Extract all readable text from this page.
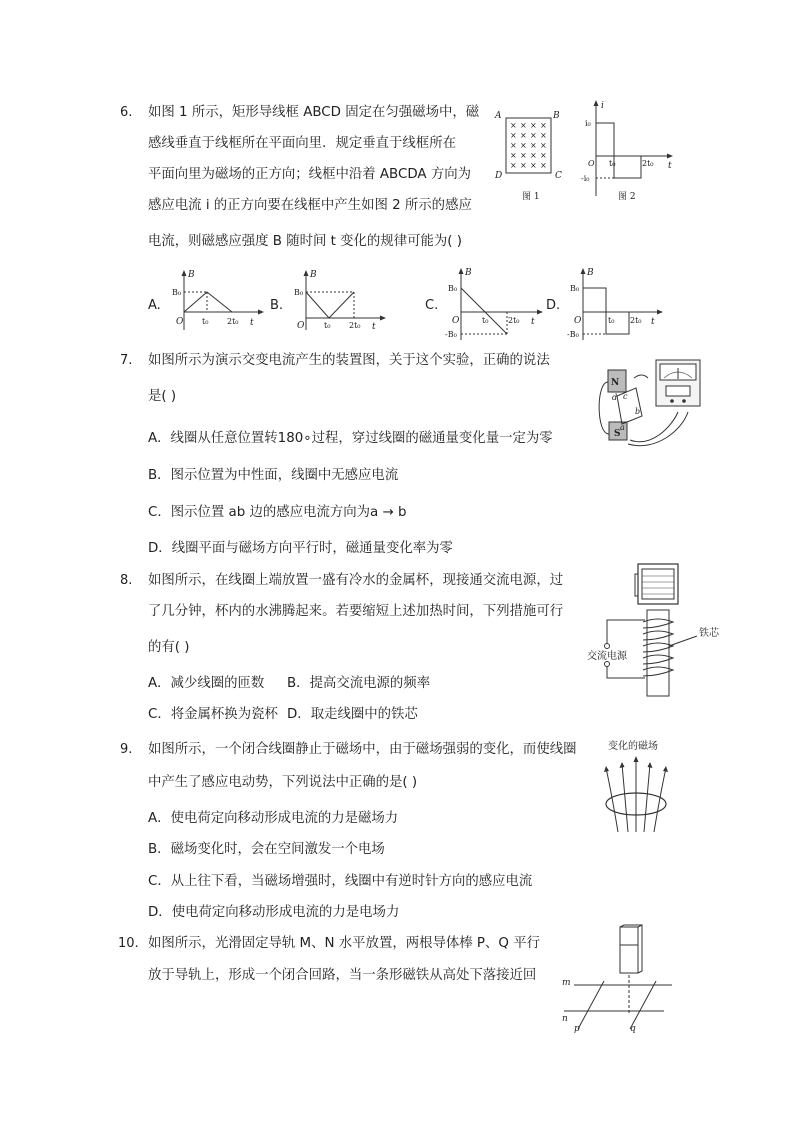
6. 如图 1 所示，矩形导线框 ABCD 固定在匀强磁场中，磁
感线垂直于线框所在平面向里．规定垂直于线框所在
平面向里为磁场的正方向；线框中沿着 ABCDA 方向为
感应电流 i 的正方向要在线框中产生如图 2 所示的感应
电流，则磁感应强度 B 随时间 t 变化的规律可能为( )
A	B
D	C
× × × ×
× × × ×
× × × ×
× × × ×
× × × ×
图 1
i
t
i₀
-i₀
O t₀	2t₀
图 2
A.
B
B₀
O t₀ 2t₀ t
B.
B
B₀
O t₀ 2t₀ t
C.
B
B₀
-B₀
O	t₀ 2t₀ t
D.
B
B₀
-B₀
O	t₀ 2t₀ t
7. 如图所示为演示交变电流产生的装置图，关于这个实验，正确的说法
是( )
A．线圈从任意位置转180∘过程，穿过线圈的磁通量变化量一定为零
B．图示位置为中性面，线圈中无感应电流
C．图示位置 ab 边的感应电流方向为a → b
D．线圈平面与磁场方向平行时，磁通量变化率为零
N
S
d c
b
a
8. 如图所示，在线圈上端放置一盛有冷水的金属杯，现接通交流电源，过
了几分钟，杯内的水沸腾起来。若要缩短上述加热时间，下列措施可行
的有( )
A．减少线圈的匝数 B．提高交流电源的频率
C．将金属杯换为瓷杯 D．取走线圈中的铁芯
交流电源
铁芯
9. 如图所示，一个闭合线圈静止于磁场中，由于磁场强弱的变化，而使线圈
中产生了感应电动势，下列说法中正确的是( )
A．使电荷定向移动形成电流的力是磁场力
B．磁场变化时，会在空间激发一个电场
C．从上往下看，当磁场增强时，线圈中有逆时针方向的感应电流
D．使电荷定向移动形成电流的力是电场力
变化的磁场
10. 如图所示，光滑固定导轨 M、N 水平放置，两根导体棒 P、Q 平行
放于导轨上，形成一个闭合回路，当一条形磁铁从高处下落接近回	m
n
p	q
